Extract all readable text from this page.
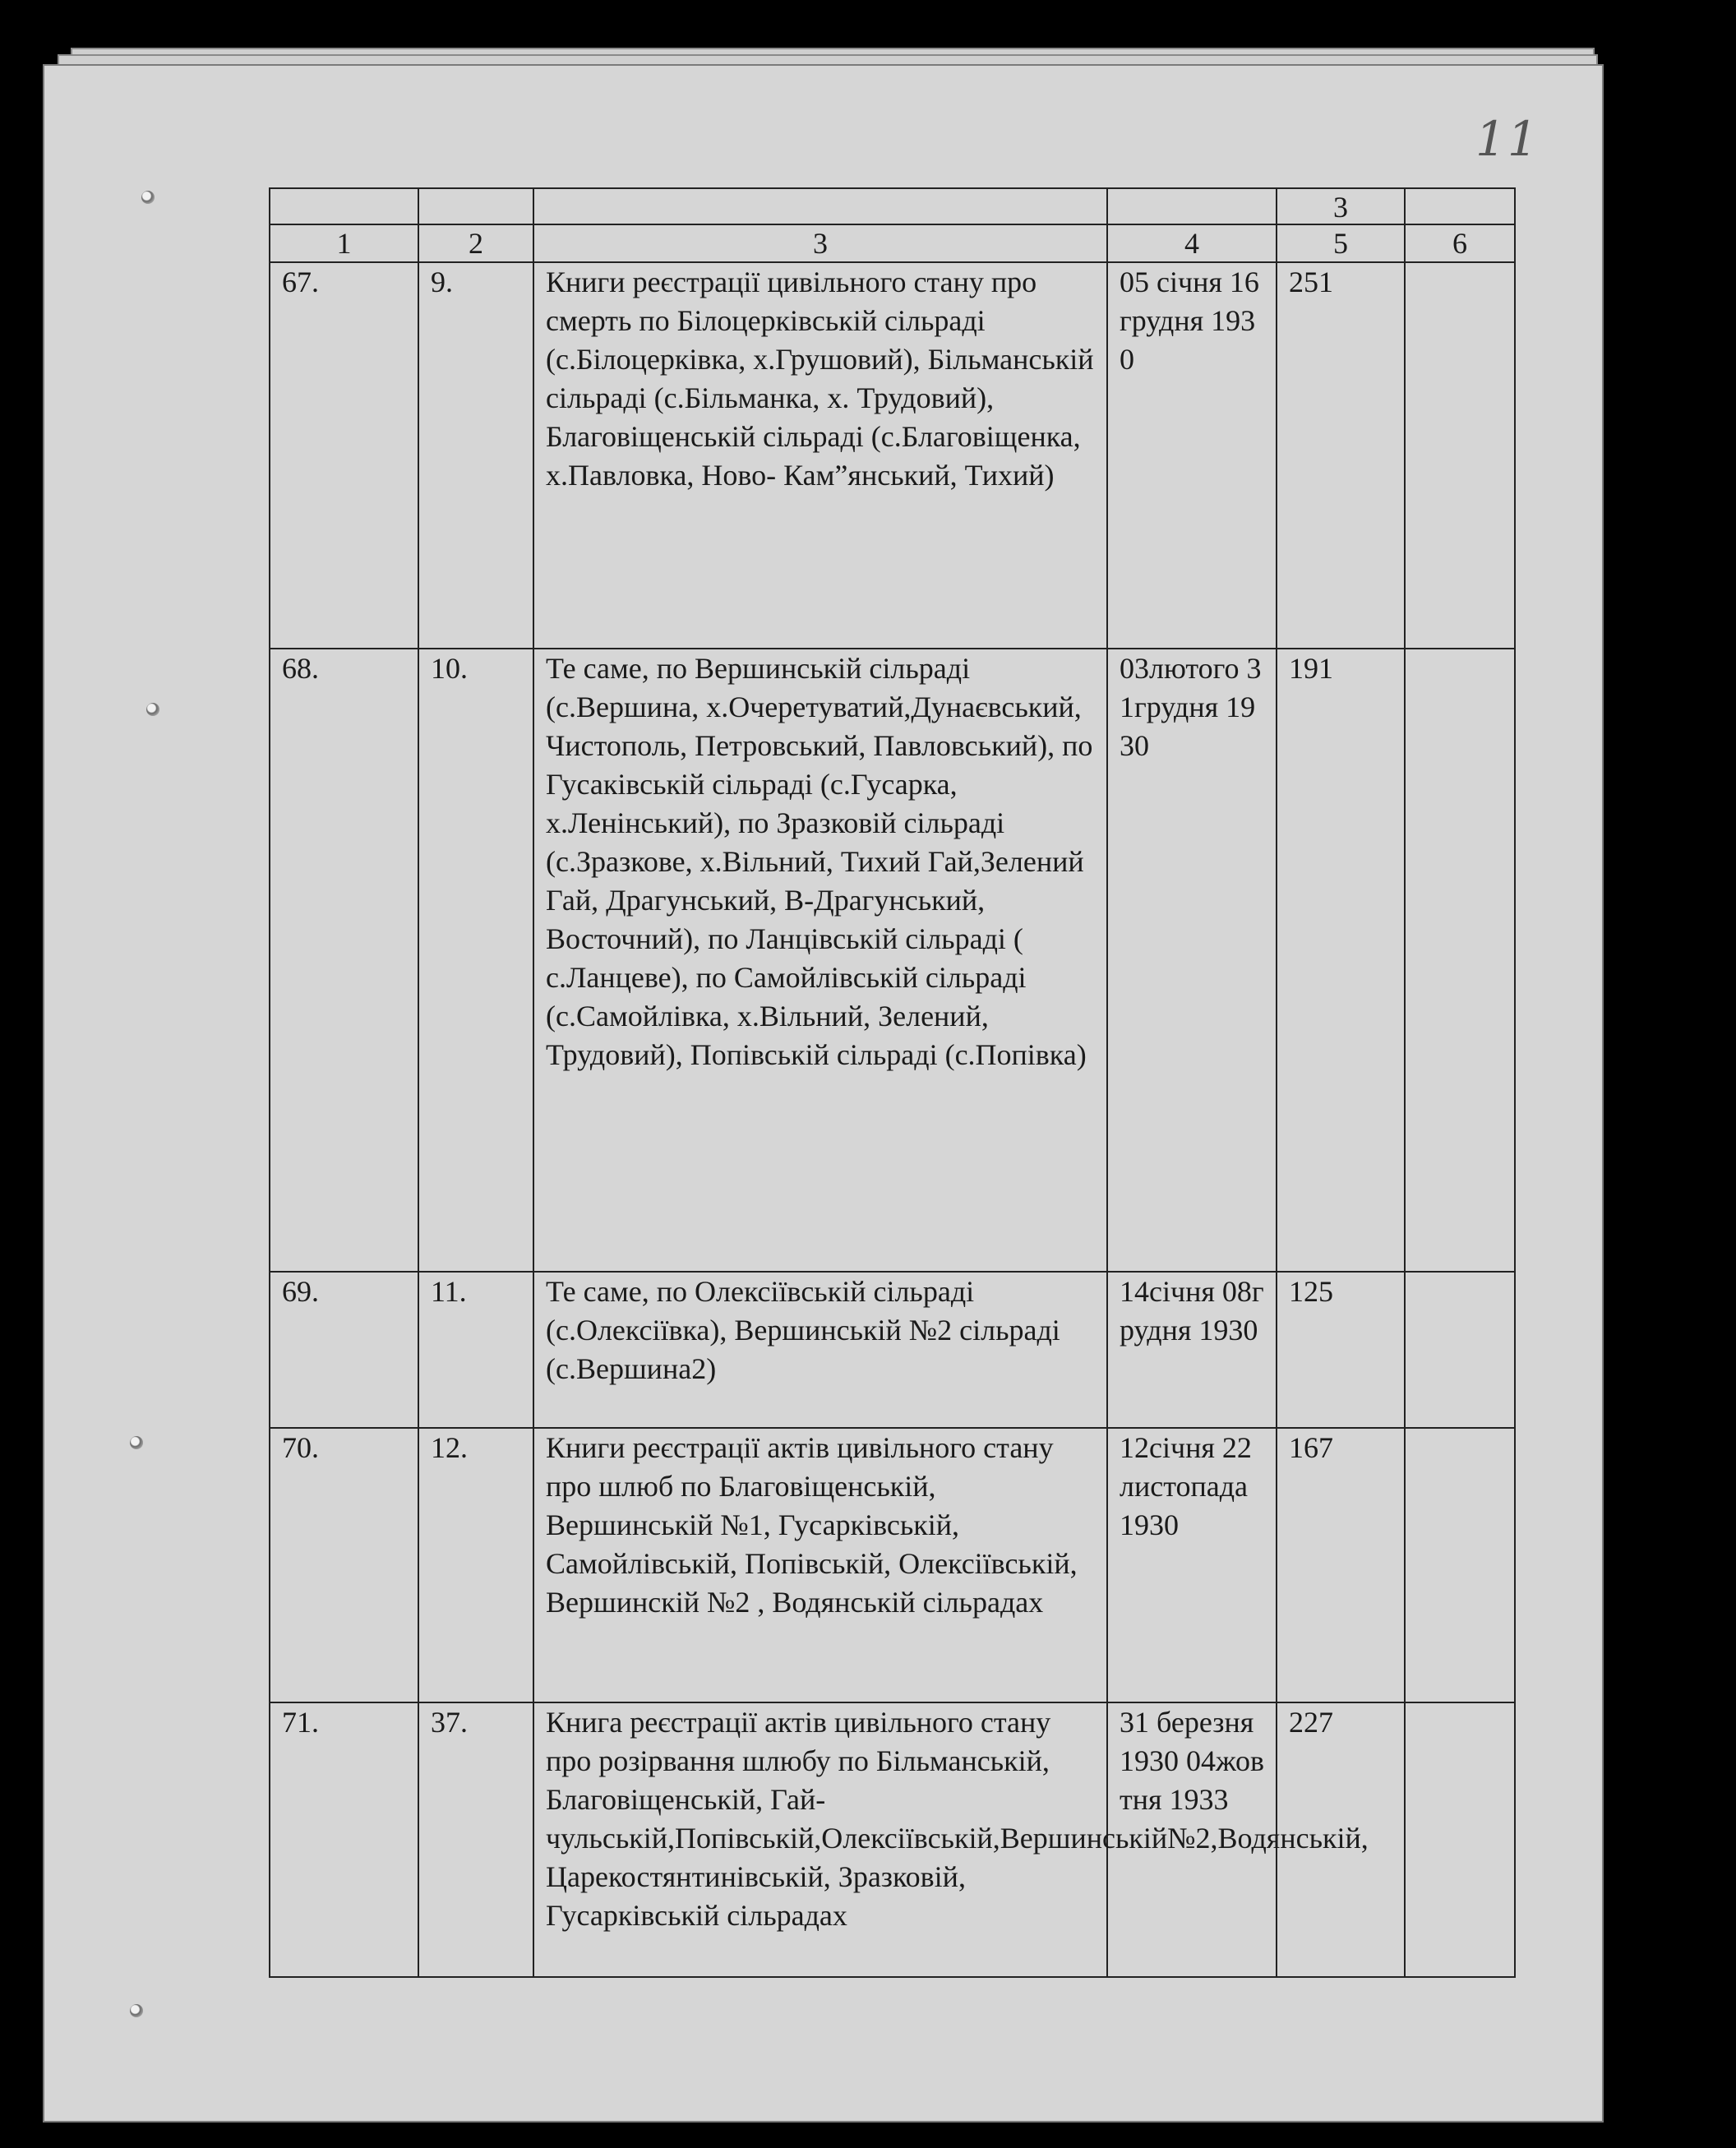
11
				3	
1	2	3	4	5	6
67.	9.	Книги реєстрації цивільного стану про смерть по Білоцерківській сільраді (с.Білоцерківка, х.Грушовий), Більманській сільраді (с.Більманка, х. Трудовий), Благовіщенській сільраді (с.Благовіщенка, х.Павловка, Ново- Кам”янський, Тихий)	05 січня 16 грудня 1930	251	
68.	10.	Те саме, по Вершинській сільраді (с.Вершина, х.Очеретуватий,Дунаєвський, Чистополь, Петровський, Павловський), по Гусаківській сільраді (с.Гусарка, х.Ленінський), по Зразковій сільраді (с.Зразкове, х.Вільний, Тихий Гай,Зелений Гай, Драгунський, В-Драгунський, Восточний), по Ланцівській сільраді ( с.Ланцеве), по Самойлівській сільраді (с.Самойлівка, х.Вільний, Зелений, Трудовий), Попівській сільраді (с.Попівка)	03лютого 31грудня 1930	191	
69.	11.	Те саме, по Олексіївській сільраді (с.Олексіївка), Вершинській №2 сільраді (с.Вершина2)	14січня 08грудня 1930	125	
70.	12.	Книги реєстрації актів цивільного стану про шлюб по Благовіщенській, Вершинській №1, Гусарківській, Самойлівській, Попівській, Олексіївській, Вершинскій №2 , Водянській сільрадах	12січня 22листопада 1930	167	
71.	37.	Книга реєстрації актів цивільного стану про розірвання шлюбу по Більманській, Благовіщенській, Гай-чульській,Попівській,Олексіївській,Вершинській№2,Водянській, Царекостянтинівській, Зразковій, Гусарківській сільрадах	31 березня 1930 04жовтня 1933	227	
